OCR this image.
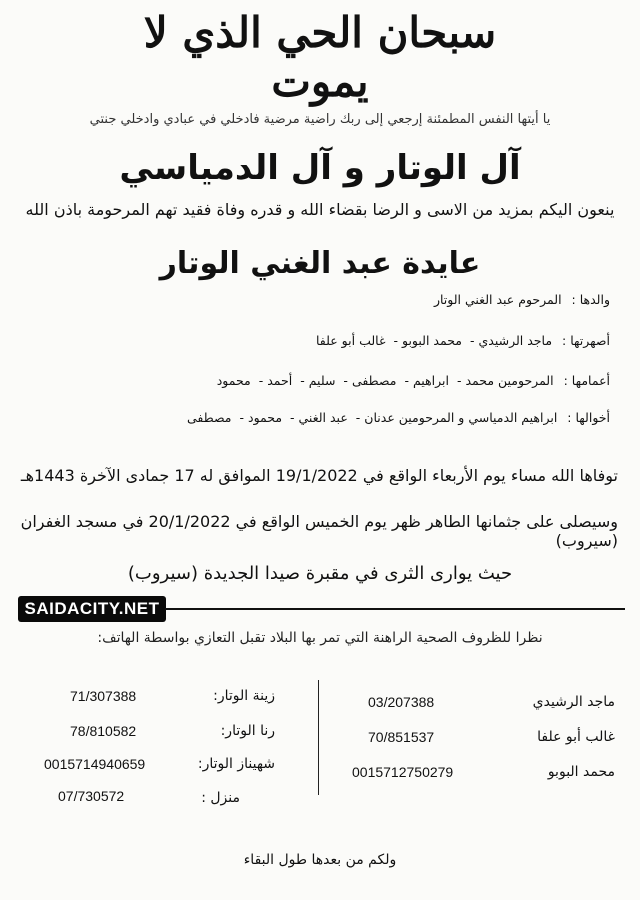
سبحان الحي الذي لا يموت
يا أيتها النفس المطمئنة إرجعي إلى ربك راضية مرضية فادخلي في عبادي وادخلي جنتي
آل الوتار و آل الدمياسي
ينعون اليكم بمزيد من الاسى و الرضا بقضاء الله و قدره وفاة فقيد تهم المرحومة باذن الله
عايدة عبد الغني الوتار
والدها : المرحوم عبد الغني الوتار
أصهرتها : ماجد الرشيدي- محمد البوبو- غالب أبو علفا
أعمامها : المرحومين محمد- ابراهيم- مصطفى- سليم- أحمد- محمود
أخوالها : ابراهيم الدمياسي و المرحومين عدنان- عبد الغني- محمود- مصطفى
توفاها الله مساء يوم الأربعاء الواقع في 19/1/2022 الموافق له 17 جمادى الآخرة 1443هـ
وسيصلى على جثمانها الطاهر ظهر يوم الخميس الواقع في 20/1/2022 في مسجد الغفران (سيروب)
حيث يوارى الثرى في مقبرة صيدا الجديدة (سيروب)
SAIDACITY.NET
نظرا للظروف الصحية الراهنة التي تمر بها البلاد تقبل التعازي بواسطة الهاتف:
ماجد الرشيدي
03/207388
غالب أبو علفا
70/851537
محمد البوبو
0015712750279
زينة الوتار:
71/307388
رنا الوتار:
78/810582
شهيناز الوتار:
0015714940659
منزل :
07/730572
ولكم من بعدها طول البقاء
